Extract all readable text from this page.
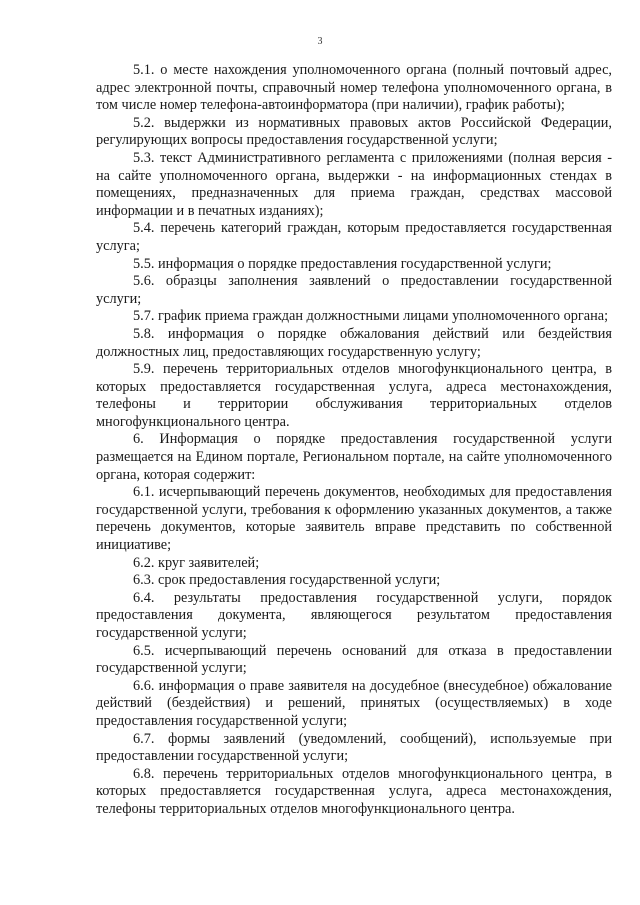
3

5.1. о месте нахождения уполномоченного органа (полный почтовый адрес, адрес электронной почты, справочный номер телефона уполномоченного органа, в том числе номер телефона-автоинформатора (при наличии), график работы);

5.2. выдержки из нормативных правовых актов Российской Федерации, регулирующих вопросы предоставления государственной услуги;

5.3. текст Административного регламента с приложениями (полная версия - на сайте уполномоченного органа, выдержки - на информационных стендах в помещениях, предназначенных для приема граждан, средствах массовой информации и в печатных изданиях);

5.4. перечень категорий граждан, которым предоставляется государственная услуга;

5.5. информация о порядке предоставления государственной услуги;

5.6. образцы заполнения заявлений о предоставлении государственной услуги;

5.7. график приема граждан должностными лицами уполномоченного органа;

5.8. информация о порядке обжалования действий или бездействия должностных лиц, предоставляющих государственную услугу;

5.9. перечень территориальных отделов многофункционального центра, в которых предоставляется государственная услуга, адреса местонахождения, телефоны и территории обслуживания территориальных отделов многофункционального центра.

6. Информация о порядке предоставления государственной услуги размещается на Едином портале, Региональном портале, на сайте уполномоченного органа, которая содержит:

6.1. исчерпывающий перечень документов, необходимых для предоставления государственной услуги, требования к оформлению указанных документов, а также перечень документов, которые заявитель вправе представить по собственной инициативе;

6.2. круг заявителей;

6.3. срок предоставления государственной услуги;

6.4. результаты предоставления государственной услуги, порядок предоставления документа, являющегося результатом предоставления государственной услуги;

6.5. исчерпывающий перечень оснований для отказа в предоставлении государственной услуги;

6.6. информация о праве заявителя на досудебное (внесудебное) обжалование действий (бездействия) и решений, принятых (осуществляемых) в ходе предоставления государственной услуги;

6.7. формы заявлений (уведомлений, сообщений), используемые при предоставлении государственной услуги;

6.8. перечень территориальных отделов многофункционального центра, в которых предоставляется государственная услуга, адреса местонахождения, телефоны территориальных отделов многофункционального центра.
